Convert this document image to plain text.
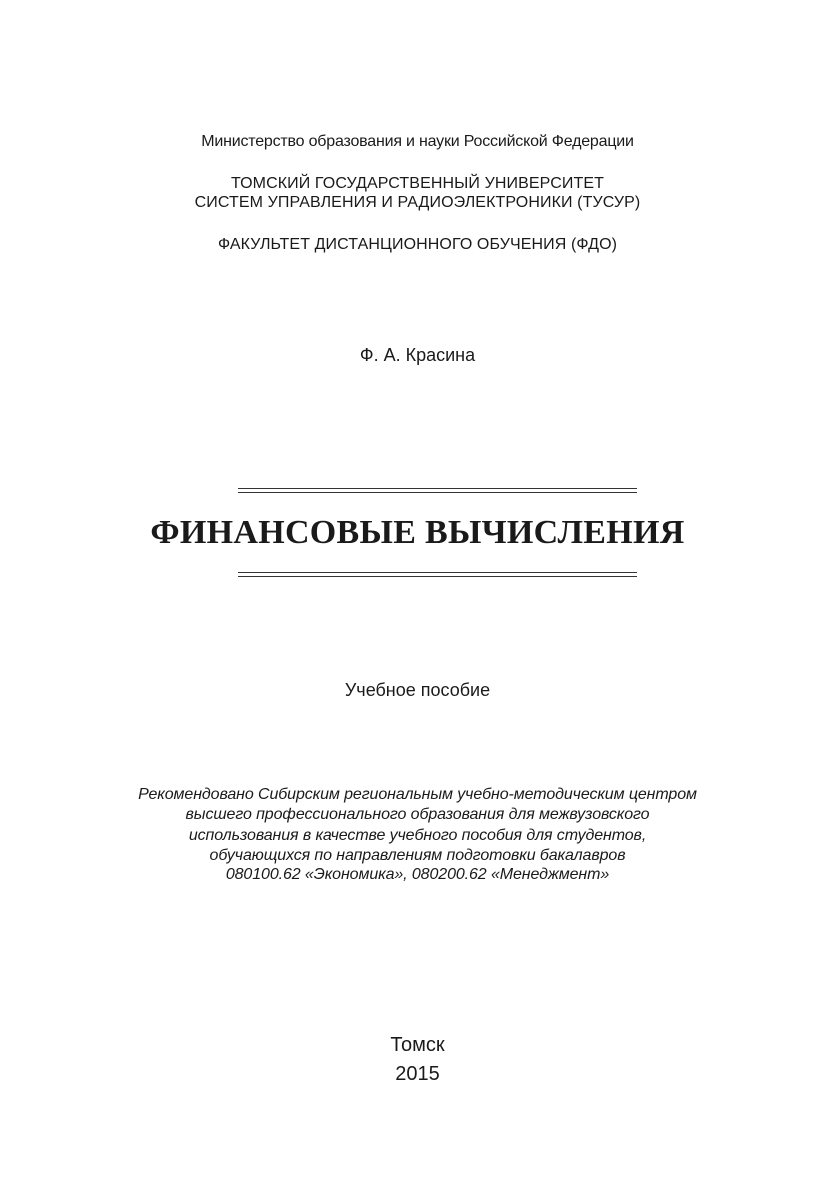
Министерство образования и науки Российской Федерации
ТОМСКИЙ ГОСУДАРСТВЕННЫЙ УНИВЕРСИТЕТ
СИСТЕМ УПРАВЛЕНИЯ И РАДИОЭЛЕКТРОНИКИ (ТУСУР)
ФАКУЛЬТЕТ ДИСТАНЦИОННОГО ОБУЧЕНИЯ (ФДО)
Ф. А. Красина
ФИНАНСОВЫЕ ВЫЧИСЛЕНИЯ
Учебное пособие
Рекомендовано Сибирским региональным учебно-методическим центром
высшего профессионального образования для межвузовского
использования в качестве учебного пособия для студентов,
обучающихся по направлениям подготовки бакалавров
080100.62 «Экономика», 080200.62 «Менеджмент»
Томск
2015
